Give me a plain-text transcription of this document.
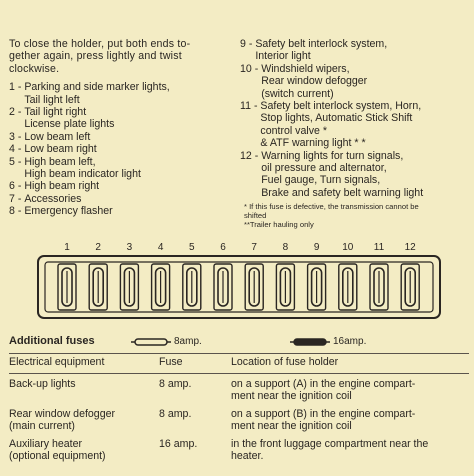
To close the holder, put both ends to-
gether again, press lightly and twist
clockwise.
1 - Parking and side marker lights,
Tail light left
2 - Tail light right
License plate lights
3 - Low beam left
4 - Low beam right
5 - High beam left,
High beam indicator light
6 - High beam right
7 - Accessories
8 - Emergency flasher
9 - Safety belt interlock system,
Interior light
10 - Windshield wipers,
Rear window defogger
(switch current)
11 - Safety belt interlock system, Horn,
Stop lights, Automatic Stick Shift
control valve *
& ATF warning light * *
12 - Warning lights for turn signals,
oil pressure and alternator,
Fuel gauge, Turn signals,
Brake and safety belt warning light
* If this fuse is defective, the transmission cannot be
shifted
**Trailer hauling only
1	2	3	4	5	6	7	8	9 10 11 12
Additional fuses	8amp.	16amp.
Electrical equipment	Fuse	Location of fuse holder
Back-up lights	8 amp.	on a support (A) in the engine compart-
ment near the ignition coil
Rear window defogger
(main current)
8 amp.	on a support (B) in the engine compart-
ment near the ignition coil
Auxiliary heater
(optional equipment)
16 amp.	in the front luggage compartment near the
heater.
